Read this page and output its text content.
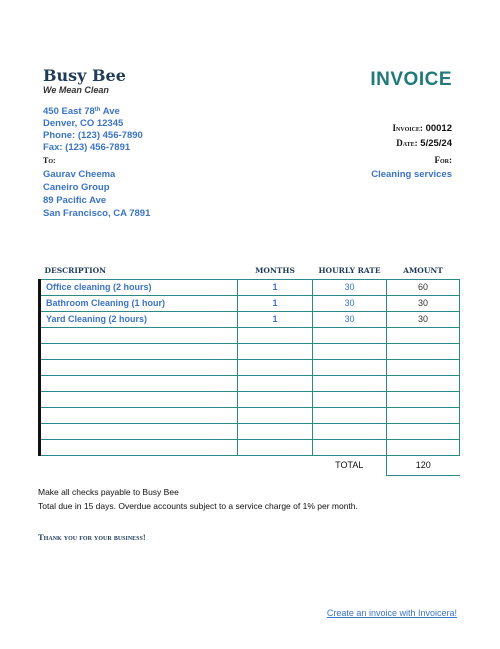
Busy Bee
We Mean Clean	INVOICE
450 East 78th Ave
Denver, CO 12345
Phone: (123) 456-7890
Fax: (123) 456-7891
To:
Gaurav Cheema
Caneiro Group
89 Pacific Ave
San Francisco, CA 7891
Invoice: 00012
Date: 5/25/24
For:
Cleaning services
DESCRIPTION	MONTHS	HOURLY RATE	AMOUNT
Office cleaning (2 hours)	1	30	60
Bathroom Cleaning (1 hour)	1	30	30
Yard Cleaning (2 hours)	1	30	30

		TOTAL	120
Make all checks payable to Busy Bee
Total due in 15 days. Overdue accounts subject to a service charge of 1% per month.
Thank you for your business!
Create an invoice with Invoicera!
